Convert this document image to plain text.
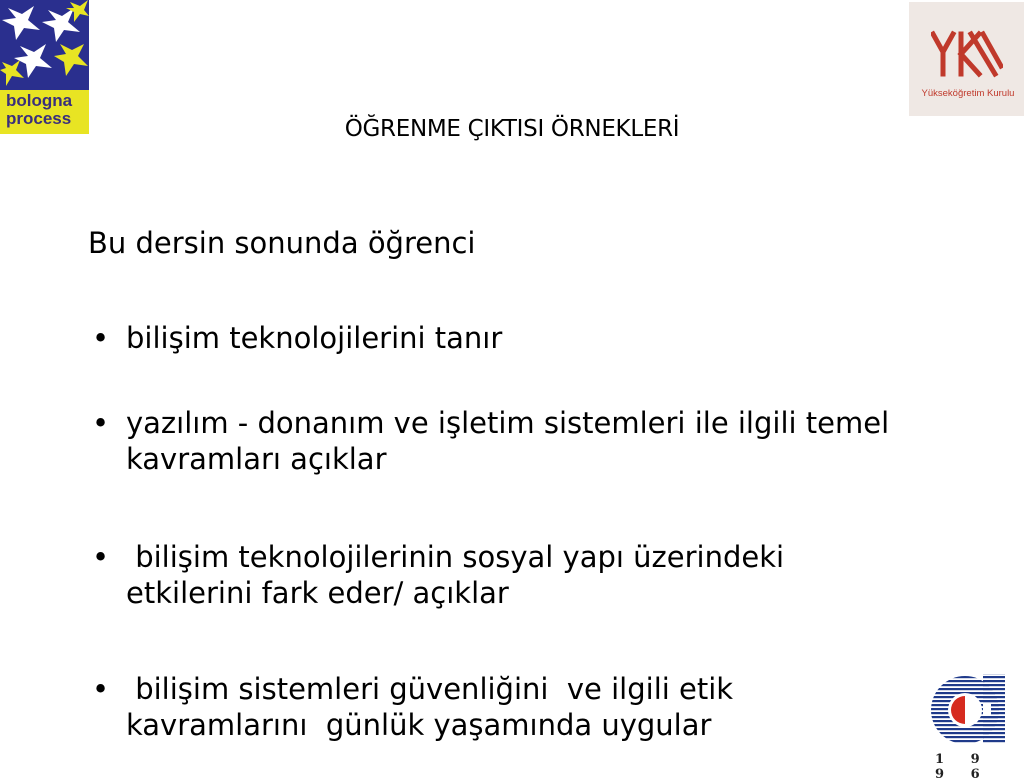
bologna
process
Yükseköğretim Kurulu
ÖĞRENME ÇIKTISI ÖRNEKLERİ
Bu dersin sonunda öğrenci
• bilişim teknolojilerini tanır
• yazılım - donanım ve işletim sistemleri ile ilgili temel kavramları açıklar
• bilişim teknolojilerinin sosyal yapı üzerindeki etkilerini fark eder/ açıklar
• bilişim sistemleri güvenliğini  ve ilgili etik kavramlarını  günlük yaşamında uygular
1 9 9 6
